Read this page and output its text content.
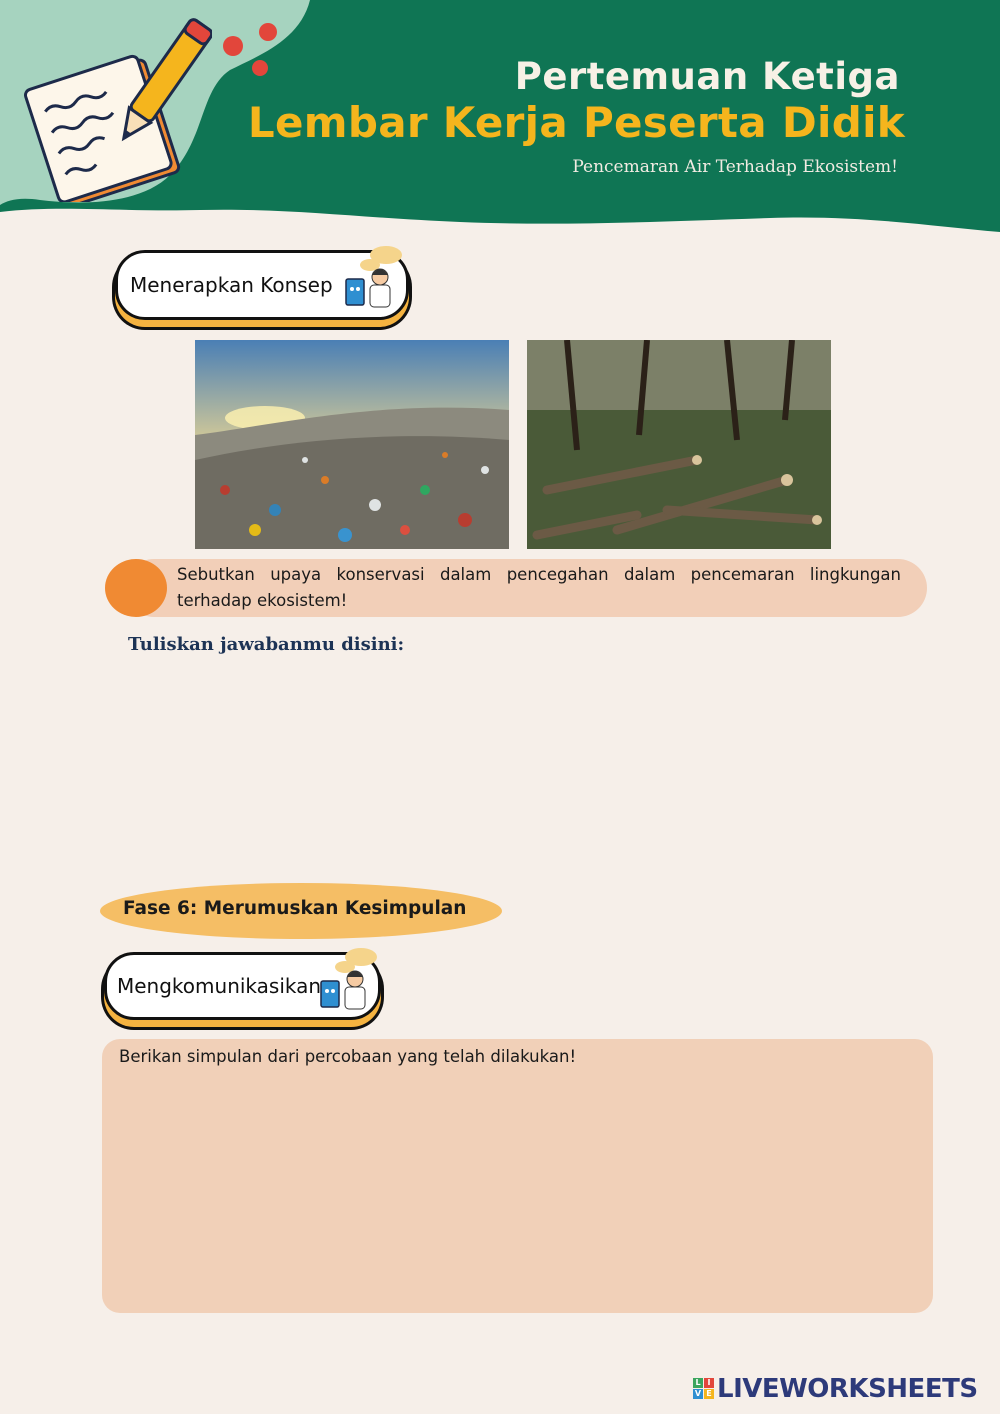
Pertemuan Ketiga
Lembar Kerja Peserta Didik
Pencemaran Air Terhadap Ekosistem!
Menerapkan Konsep
Sebutkan upaya konservasi dalam pencegahan dalam pencemaran lingkungan terhadap ekosistem!
Tuliskan jawabanmu disini:
Fase 6: Merumuskan Kesimpulan
Mengkomunikasikan
Berikan simpulan dari percobaan yang telah dilakukan!
L I
V E LIVEWORKSHEETS
